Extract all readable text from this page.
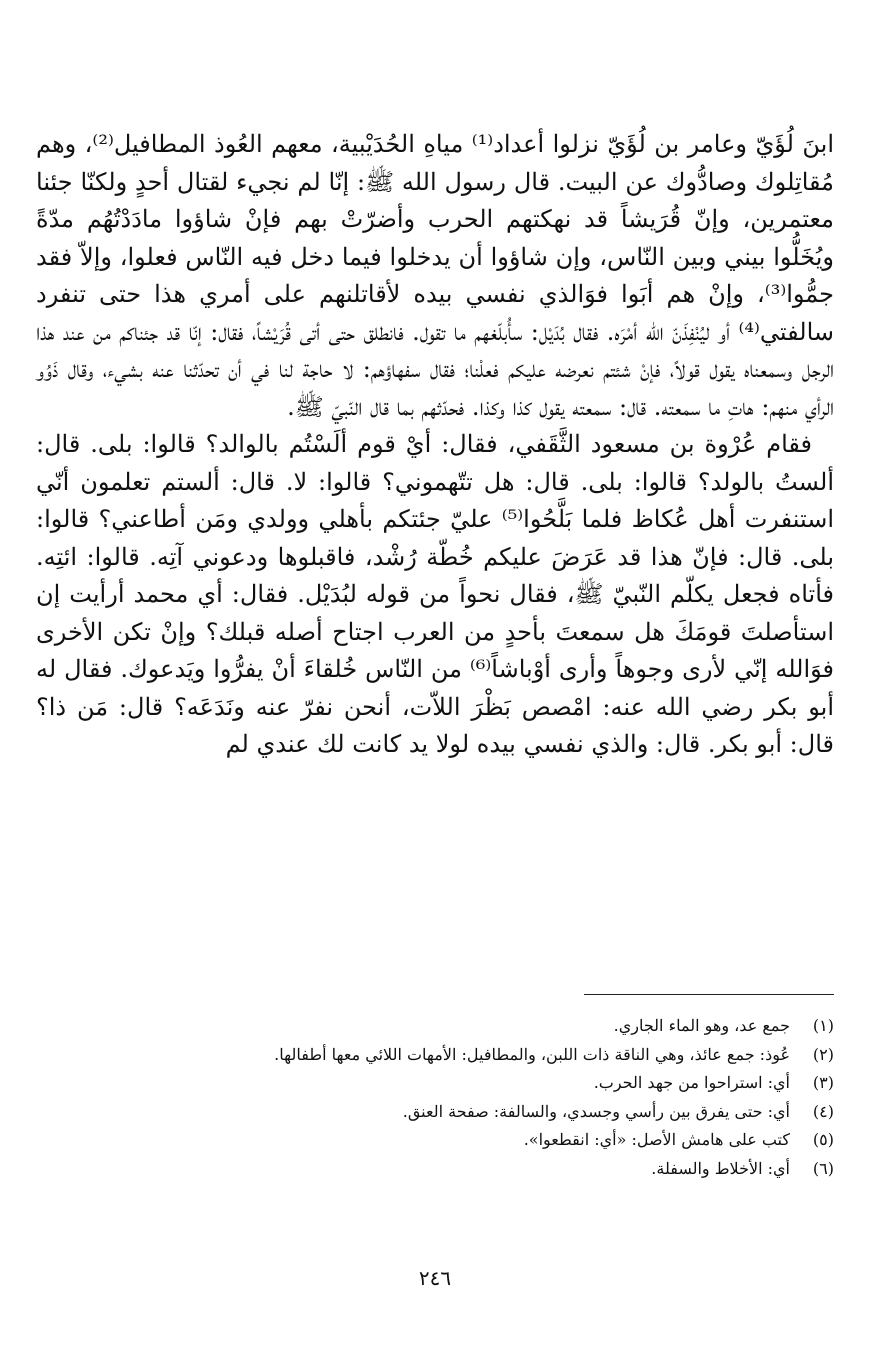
ابنَ لُؤَيّ وعامر بن لُؤَيّ نزلوا أعداد⁽¹⁾ مياهِ الحُدَيْبية، معهم العُوذ المطافيل⁽²⁾، وهم مُقاتِلوك وصادُّوك عن البيت. قال رسول الله ﷺ: إنّا لم نجيء لقتال أحدٍ ولكنّا جئنا معتمرين، وإنّ قُرَيشاً قد نهكتهم الحرب وأضرّتْ بهم فإنْ شاؤوا مادَدْتُهُم مدّةً ويُخَلُّوا بيني وبين النّاس، وإن شاؤوا أن يدخلوا فيما دخل فيه النّاس فعلوا، وإلاّ فقد جمُّوا⁽³⁾، وإنْ هم أبَوا فوَالذي نفسي بيده لأقاتلنهم على أمري هذا حتى تنفرد سالفتي⁽⁴⁾ أو ليُنْفِذَنّ الله أمْرَه. فقال بُدَيْل: سأُبلّغهم ما تقول. فانطلق حتى أتى قُرَيْشاً، فقال: إنّا قد جئناكم من عند هذا الرجل وسمعناه يقول قولاً، فإنْ شئتم نعرضه عليكم فعلْنا؛ فقال سفهاؤهم: لا حاجة لنا في أن تحدّثنا عنه بشيء، وقال ذَوُو الرأي منهم: هاتِ ما سمعته. قال: سمعته يقول كذا وكذا. فحدّثهم بما قال النّبيّ ﷺ.

فقام عُرْوة بن مسعود الثَّقَفي، فقال: أيْ قوم ألَسْتُم بالوالد؟ قالوا: بلى. قال: ألستُ بالولد؟ قالوا: بلى. قال: هل تتّهموني؟ قالوا: لا. قال: ألستم تعلمون أنّي استنفرت أهل عُكاظ فلما بَلَّحُوا⁽⁵⁾ عليّ جئتكم بأهلي وولدي ومَن أطاعني؟ قالوا: بلى. قال: فإنّ هذا قد عَرَضَ عليكم خُطّة رُشْد، فاقبلوها ودعوني آتِه. قالوا: ائتِه. فأتاه فجعل يكلّم النّبيّ ﷺ، فقال نحواً من قوله لبُدَيْل. فقال: أي محمد أرأيت إن استأصلتَ قومَكَ هل سمعتَ بأحدٍ من العرب اجتاح أصله قبلك؟ وإنْ تكن الأخرى فوَالله إنّي لأرى وجوهاً وأرى أوْباشاً⁽⁶⁾ من النّاس خُلقاءَ أنْ يفرُّوا ويَدعوك. فقال له أبو بكر رضي الله عنه: امْصص بَظْرَ اللاّت، أنحن نفرّ عنه ونَدَعَه؟ قال: مَن ذا؟ قال: أبو بكر. قال: والذي نفسي بيده لولا يد كانت لك عندي لم

(١)
جمع عد، وهو الماء الجاري.
(٢)
عُوذ: جمع عائذ، وهي الناقة ذات اللبن، والمطافيل: الأمهات اللائي معها أطفالها.
(٣)
أي: استراحوا من جهد الحرب.
(٤)
أي: حتى يفرق بين رأسي وجسدي، والسالفة: صفحة العنق.
(٥)
كتب على هامش الأصل: «أي: انقطعوا».
(٦)
أي: الأخلاط والسفلة.
٢٤٦
